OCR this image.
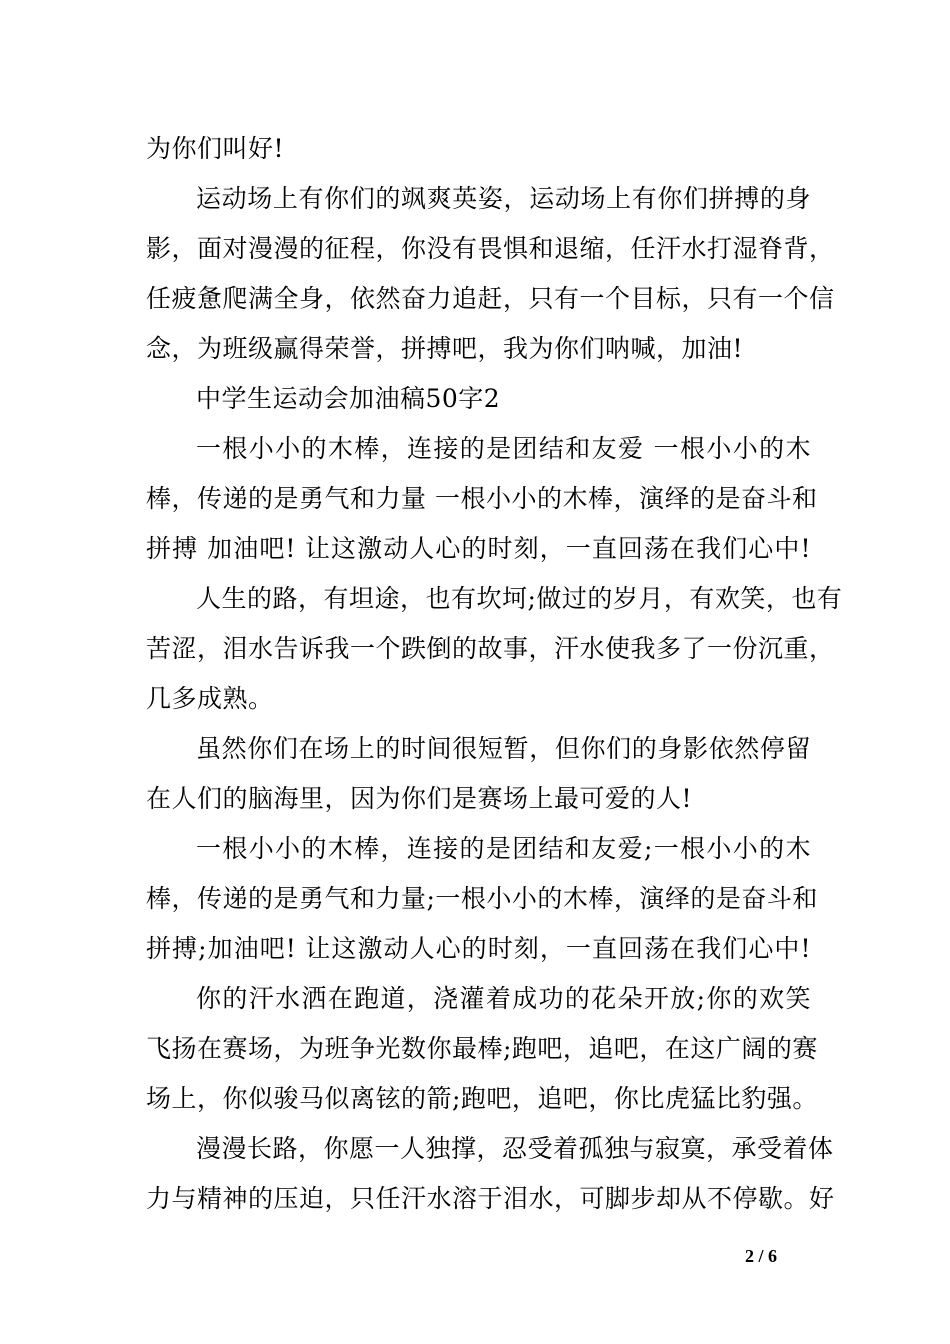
为你们叫好!
运动场上有你们的飒爽英姿，运动场上有你们拼搏的身
影，面对漫漫的征程，你没有畏惧和退缩，任汗水打湿脊背，
任疲惫爬满全身，依然奋力追赶，只有一个目标，只有一个信
念，为班级赢得荣誉，拼搏吧，我为你们呐喊，加油!
中学生运动会加油稿50字2
一根小小的木棒，连接的是团结和友爱 一根小小的木
棒，传递的是勇气和力量 一根小小的木棒，演绎的是奋斗和
拼搏 加油吧! 让这激动人心的时刻，一直回荡在我们心中!
人生的路，有坦途，也有坎坷;做过的岁月，有欢笑，也有
苦涩，泪水告诉我一个跌倒的故事，汗水使我多了一份沉重，
几多成熟。
虽然你们在场上的时间很短暂，但你们的身影依然停留
在人们的脑海里，因为你们是赛场上最可爱的人!
一根小小的木棒，连接的是团结和友爱;一根小小的木
棒，传递的是勇气和力量;一根小小的木棒，演绎的是奋斗和
拼搏;加油吧! 让这激动人心的时刻，一直回荡在我们心中!
你的汗水洒在跑道，浇灌着成功的花朵开放;你的欢笑
飞扬在赛场，为班争光数你最棒;跑吧，追吧，在这广阔的赛
场上，你似骏马似离铉的箭;跑吧，追吧，你比虎猛比豹强。
漫漫长路，你愿一人独撑，忍受着孤独与寂寞，承受着体
力与精神的压迫，只任汗水溶于泪水，可脚步却从不停歇。好
2 / 6
